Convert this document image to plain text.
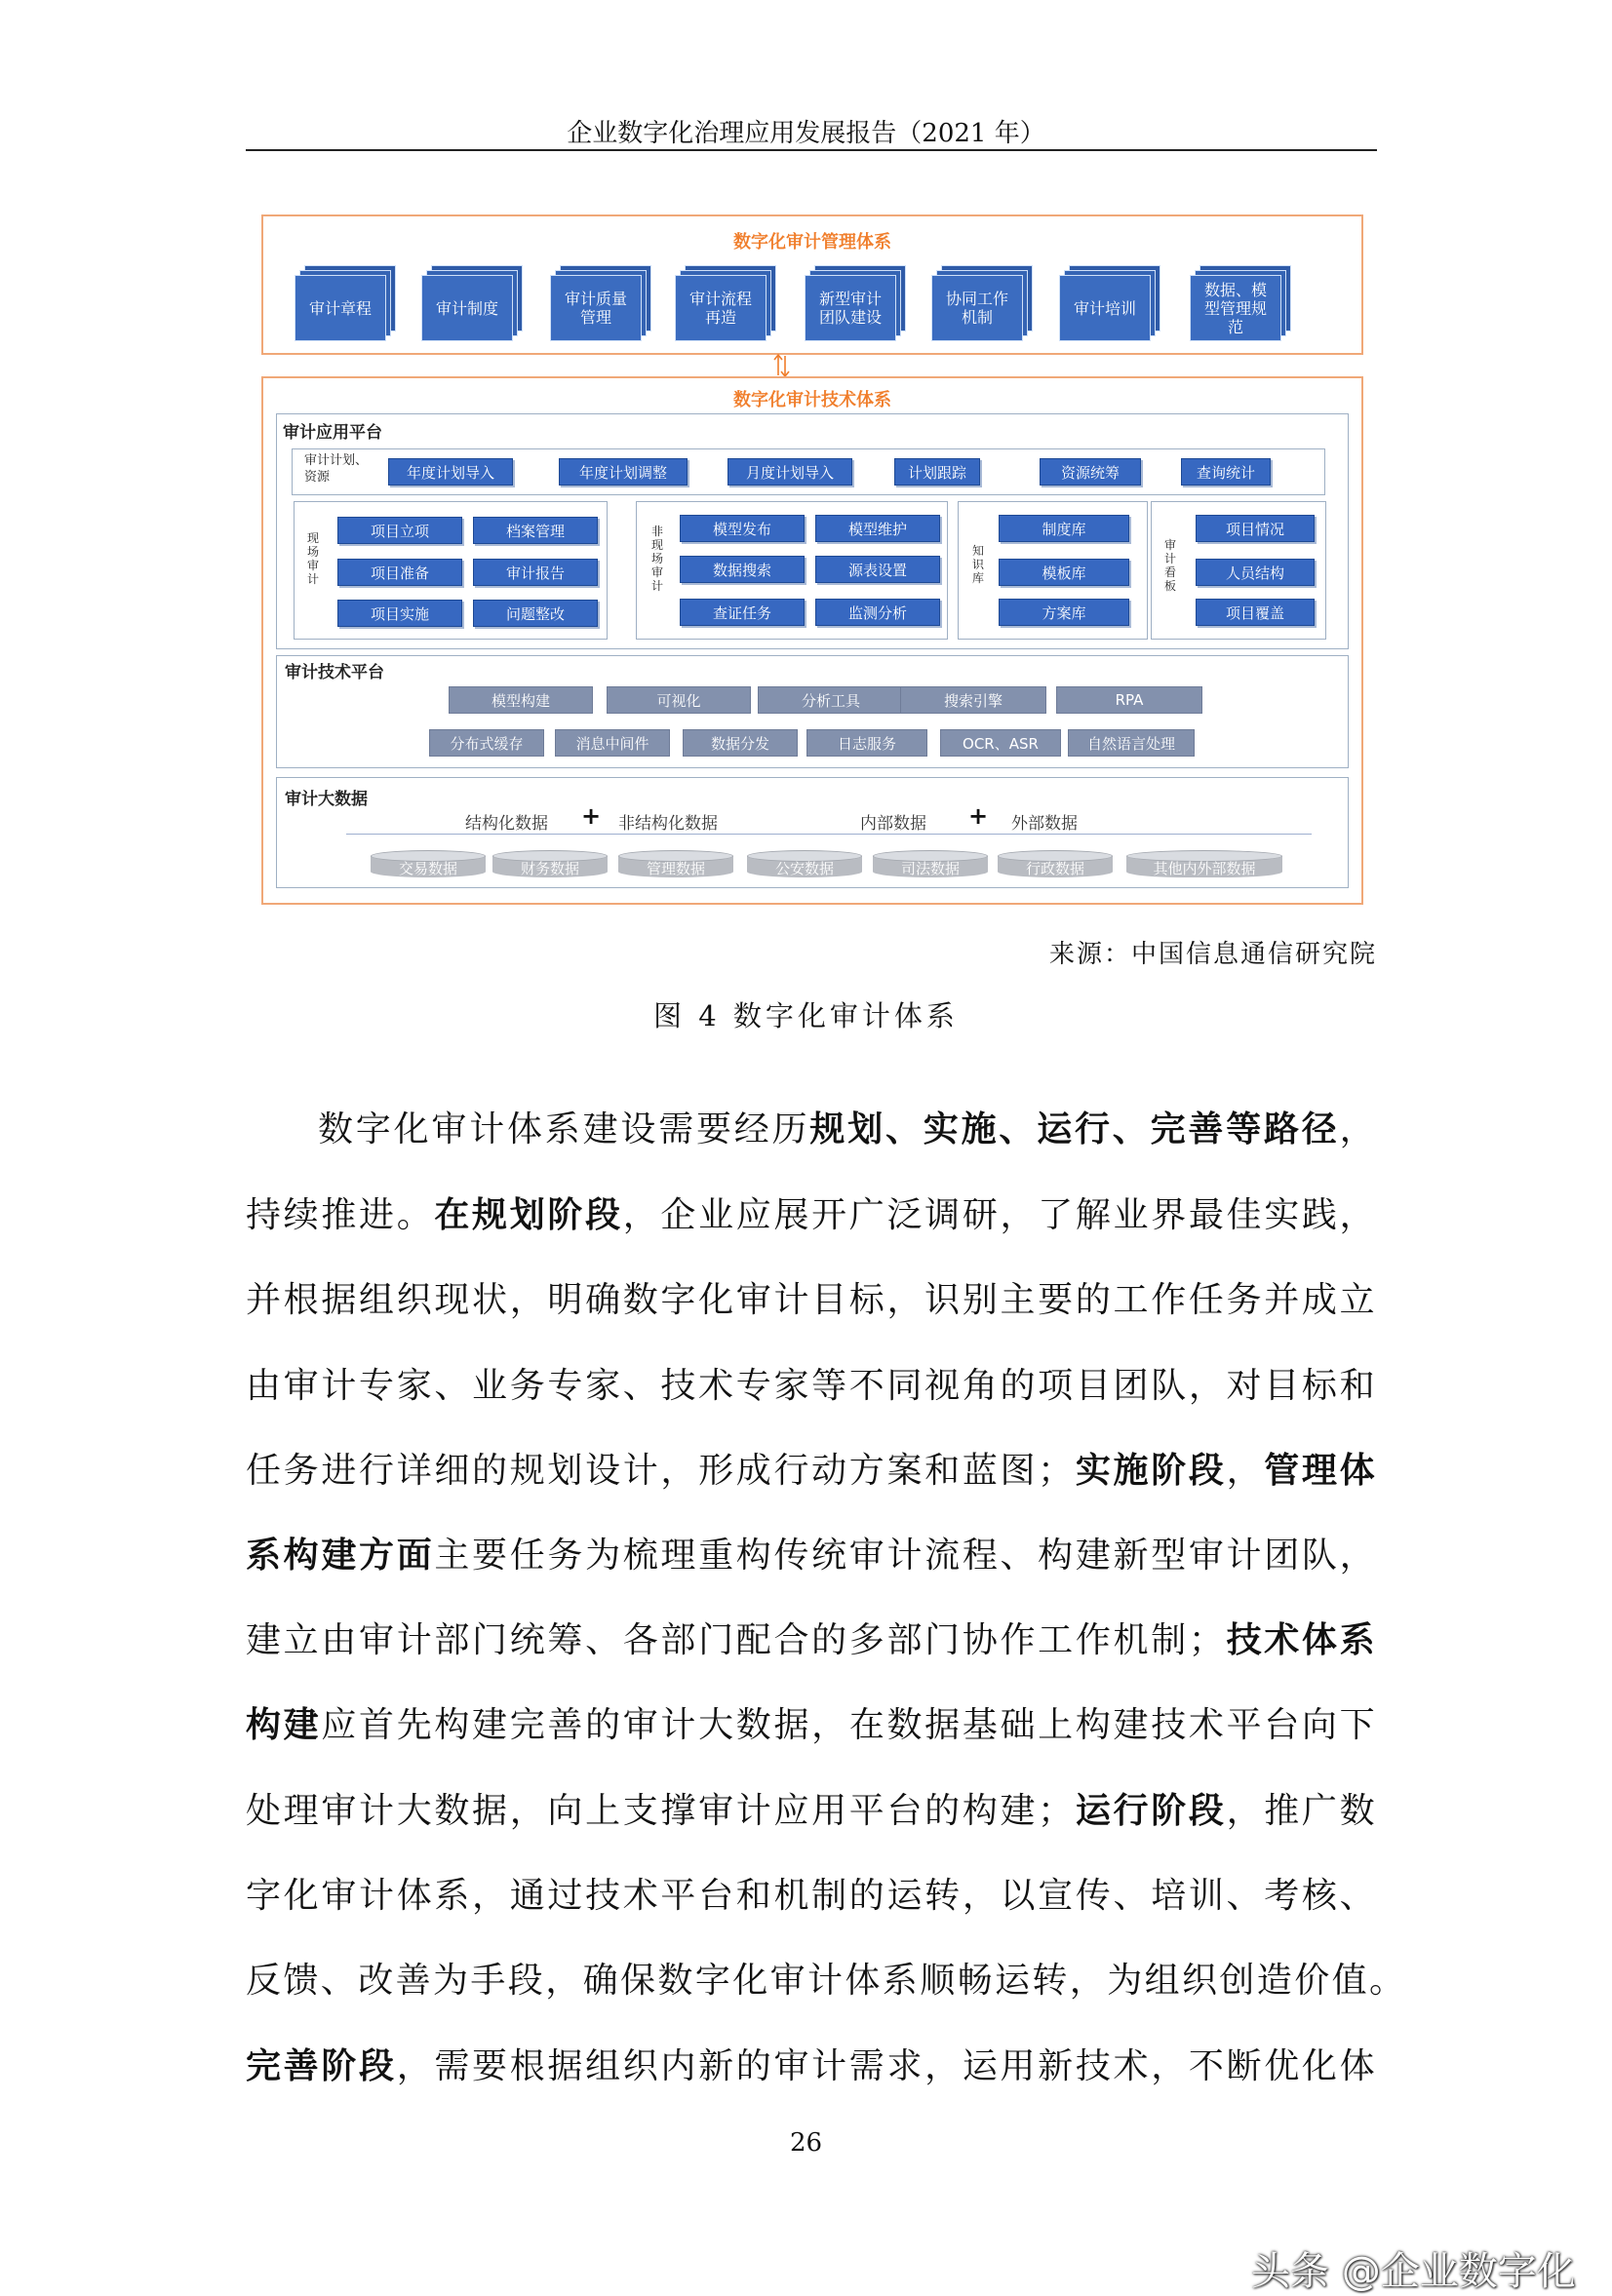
企业数字化治理应用发展报告（2021 年）
数字化审计管理体系
审计章程	审计制度	审计质量
管理
审计流程
再造
新型审计
团队建设
协同工作
机制	审计培训
数据、模
型管理规
范
数字化审计技术体系
审计应用平台
审计计划、
资源	年度计划导入	年度计划调整	月度计划导入	计划跟踪	资源统筹	查询统计
现
场
审
计
项目立项	档案管理
项目准备	审计报告
项目实施	问题整改
非
现
场
审
计
模型发布	模型维护
数据搜索	源表设置
查证任务	监测分析
知
识
库
制度库
模板库
方案库
审
计
看
板
项目情况
人员结构
项目覆盖
审计技术平台
模型构建	可视化	分析工具	搜索引擎	RPA
分布式缓存	消息中间件	数据分发	日志服务	OCR、ASR	自然语言处理
审计大数据
结构化数据 + 非结构化数据	内部数据 + 外部数据
交易数据	财务数据	管理数据	公安数据	司法数据	行政数据	其他内外部数据
来源：中国信息通信研究院
图 4 数字化审计体系
数字化审计体系建设需要经历规划、实施、运行、完善等路径，
持续推进。在规划阶段，企业应展开广泛调研，了解业界最佳实践，
并根据组织现状，明确数字化审计目标，识别主要的工作任务并成立
由审计专家、业务专家、技术专家等不同视角的项目团队，对目标和
任务进行详细的规划设计，形成行动方案和蓝图；实施阶段，管理体
系构建方面主要任务为梳理重构传统审计流程、构建新型审计团队，
建立由审计部门统筹、各部门配合的多部门协作工作机制；技术体系
构建应首先构建完善的审计大数据，在数据基础上构建技术平台向下
处理审计大数据，向上支撑审计应用平台的构建；运行阶段，推广数
字化审计体系，通过技术平台和机制的运转，以宣传、培训、考核、
反馈、改善为手段，确保数字化审计体系顺畅运转，为组织创造价值。
完善阶段，需要根据组织内新的审计需求，运用新技术，不断优化体
26
头条 @企业数字化
